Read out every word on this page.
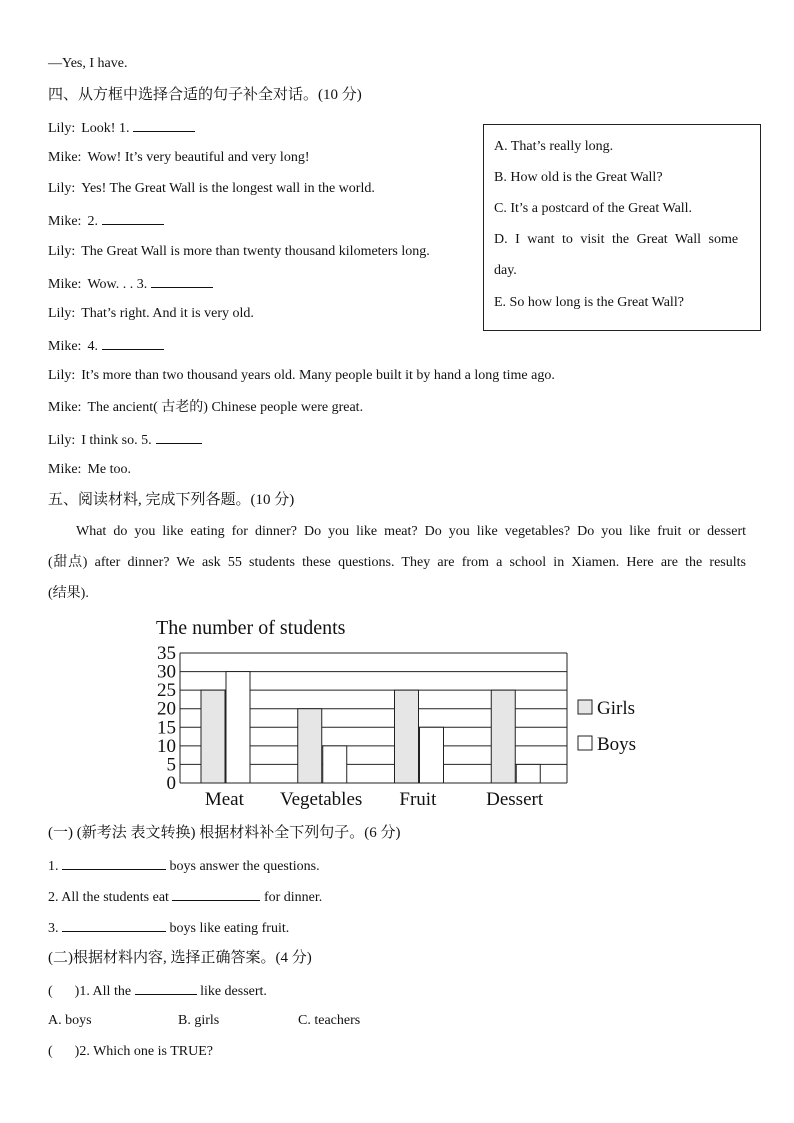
—Yes, I have.
四、从方框中选择合适的句子补全对话。(10 分)
Lily: Look! 1.
Mike: Wow! It’s very beautiful and very long!
Lily: Yes! The Great Wall is the longest wall in the world.
Mike: 2.
Lily: The Great Wall is more than twenty thousand kilometers long.
Mike: Wow. . . 3.
Lily: That’s right. And it is very old.
Mike: 4.
Lily: It’s more than two thousand years old. Many people built it by hand a long time ago.
Mike: The ancient( 古老的) Chinese people were great.
Lily: I think so. 5.
Mike: Me too.
A. That’s really long.
B. How old is the Great Wall?
C. It’s a postcard of the Great Wall.
D. I want to visit the Great Wall some
day.
E. So how long is the Great Wall?
五、阅读材料, 完成下列各题。(10 分)
What do you like eating for dinner? Do you like meat? Do you like vegetables? Do you like fruit or dessert (甜点) after dinner? We ask 55 students these questions. They are from a school in Xiamen. Here are the results (结果).
The number of students
0
5
10
15
20
25
30
35
Meat Vegetables Fruit	Dessert
Girls
Boys
(一) (新考法 表文转换) 根据材料补全下列句子。(6 分)
1.	boys answer the questions.
2. All the students eat	for dinner.
3.	boys like eating fruit.
(二)根据材料内容, 选择正确答案。(4 分)
( )1. All the	like dessert.
A. boys	B. girls	C. teachers
( )2. Which one is TRUE?
